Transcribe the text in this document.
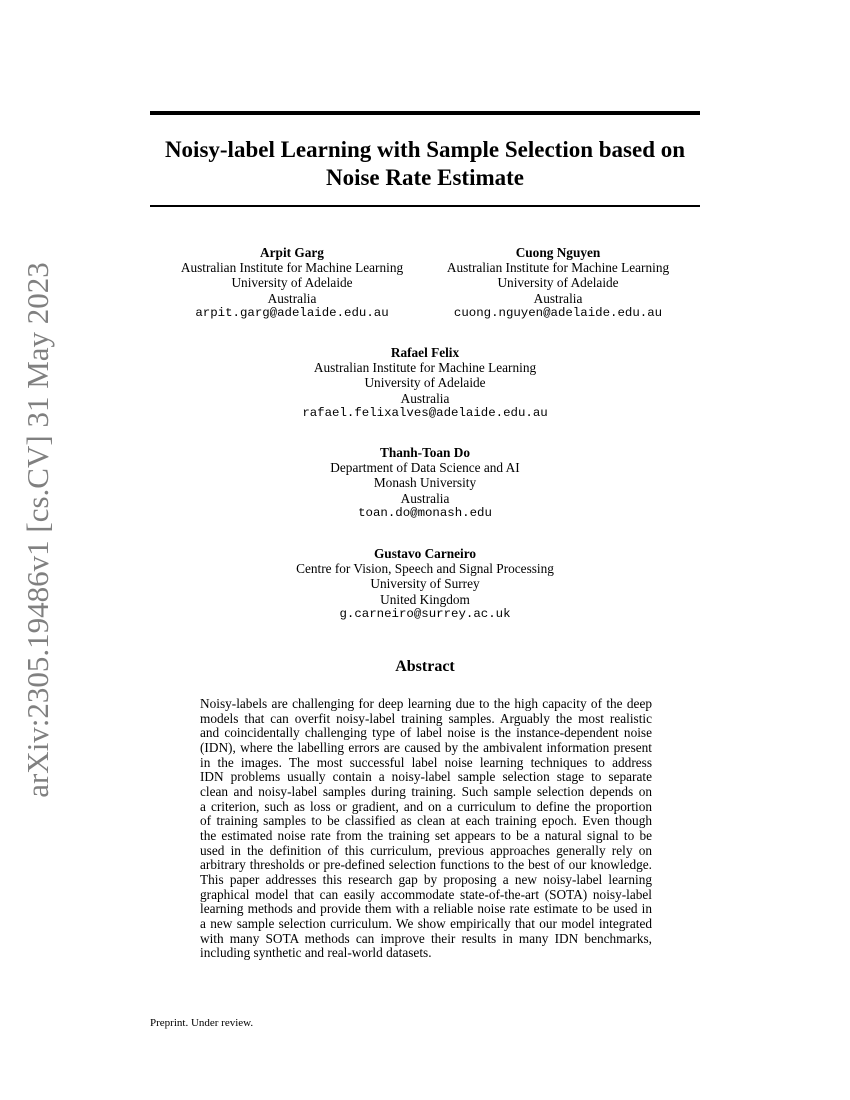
arXiv:2305.19486v1 [cs.CV] 31 May 2023
Noisy-label Learning with Sample Selection based on
Noise Rate Estimate
Arpit Garg
Australian Institute for Machine Learning
University of Adelaide
Australia
arpit.garg@adelaide.edu.au
Cuong Nguyen
Australian Institute for Machine Learning
University of Adelaide
Australia
cuong.nguyen@adelaide.edu.au
Rafael Felix
Australian Institute for Machine Learning
University of Adelaide
Australia
rafael.felixalves@adelaide.edu.au
Thanh-Toan Do
Department of Data Science and AI
Monash University
Australia
toan.do@monash.edu
Gustavo Carneiro
Centre for Vision, Speech and Signal Processing
University of Surrey
United Kingdom
g.carneiro@surrey.ac.uk
Abstract
Noisy-labels are challenging for deep learning due to the high capacity of the deep
models that can overfit noisy-label training samples. Arguably the most realistic
and coincidentally challenging type of label noise is the instance-dependent noise
(IDN), where the labelling errors are caused by the ambivalent information present
in the images. The most successful label noise learning techniques to address
IDN problems usually contain a noisy-label sample selection stage to separate
clean and noisy-label samples during training. Such sample selection depends on
a criterion, such as loss or gradient, and on a curriculum to define the proportion
of training samples to be classified as clean at each training epoch. Even though
the estimated noise rate from the training set appears to be a natural signal to be
used in the definition of this curriculum, previous approaches generally rely on
arbitrary thresholds or pre-defined selection functions to the best of our knowledge.
This paper addresses this research gap by proposing a new noisy-label learning
graphical model that can easily accommodate state-of-the-art (SOTA) noisy-label
learning methods and provide them with a reliable noise rate estimate to be used in
a new sample selection curriculum. We show empirically that our model integrated
with many SOTA methods can improve their results in many IDN benchmarks,
including synthetic and real-world datasets.
Preprint. Under review.
